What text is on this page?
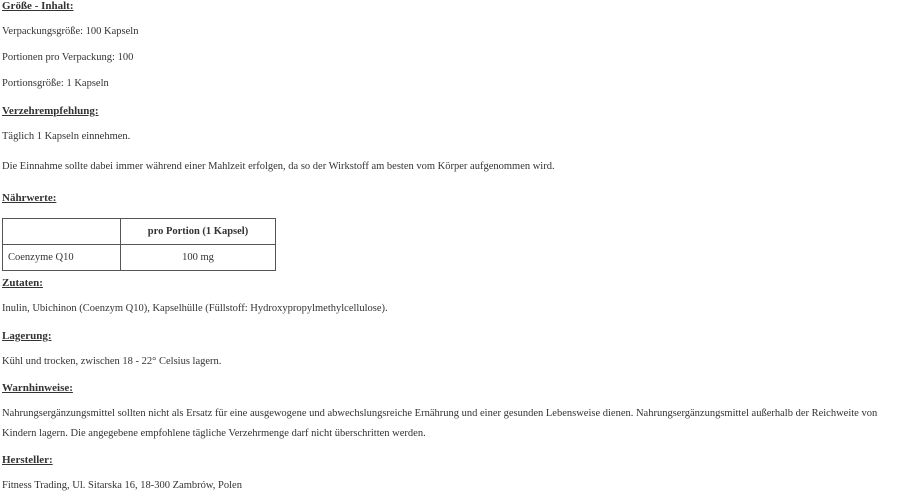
Größe - Inhalt:
Verpackungsgröße: 100 Kapseln
Portionen pro Verpackung: 100
Portionsgröße: 1 Kapseln
Verzehrempfehlung:
Täglich 1 Kapseln einnehmen.
Die Einnahme sollte dabei immer während einer Mahlzeit erfolgen, da so der Wirkstoff am besten vom Körper aufgenommen wird.
Nährwerte:
	pro Portion (1 Kapsel)
Coenzyme Q10	100 mg
Zutaten:
Inulin, Ubichinon (Coenzym Q10), Kapselhülle (Füllstoff: Hydroxypropylmethylcellulose).
Lagerung:
Kühl und trocken, zwischen 18 - 22° Celsius lagern.
Warnhinweise:
Nahrungsergänzungsmittel sollten nicht als Ersatz für eine ausgewogene und abwechslungsreiche Ernährung und einer gesunden Lebensweise dienen. Nahrungsergänzungsmittel außerhalb der Reichweite von Kindern lagern. Die angegebene empfohlene tägliche Verzehrmenge darf nicht überschritten werden.
Hersteller:
Fitness Trading, Ul. Sitarska 16, 18-300 Zambrów, Polen
